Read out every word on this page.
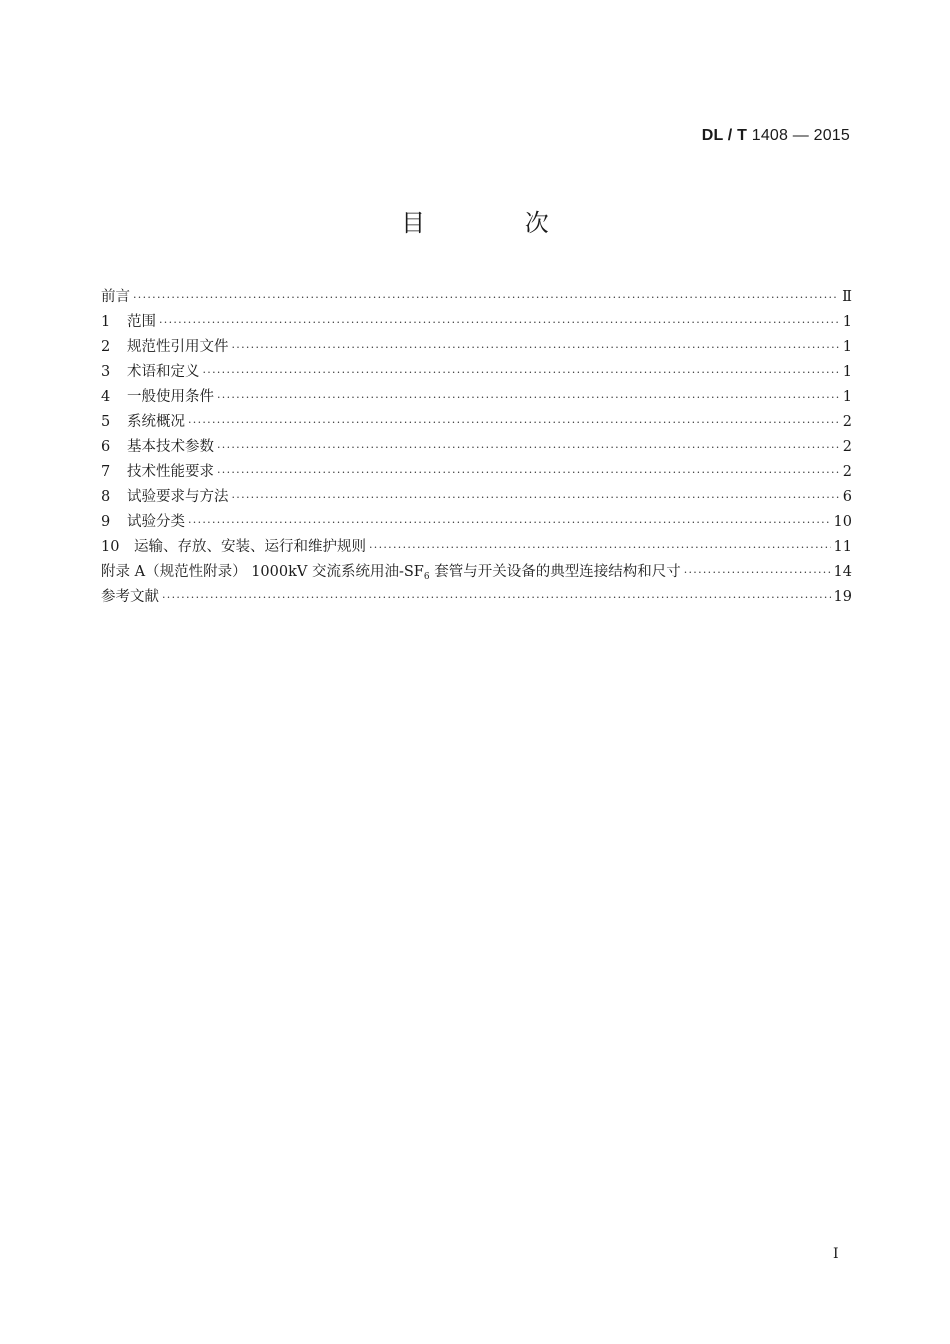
DL / T 1408 — 2015
目 次
前言 ·····	Ⅱ
1	范围 ·····	1
2	规范性引用文件 ·····	1
3	术语和定义 ·····	1
4	一般使用条件 ·····	1
5	系统概况 ·····	2
6	基本技术参数 ·····	2
7	技术性能要求 ·····	2
8	试验要求与方法 ·····	6
9	试验分类 ·····	10
10	运输、存放、安装、运行和维护规则 ·····	11
附录 A（规范性附录） 1000kV 交流系统用油$-SF_6$ 套管与开关设备的典型连接结构和尺寸 ·····	14
参考文献 ·····	19
I
